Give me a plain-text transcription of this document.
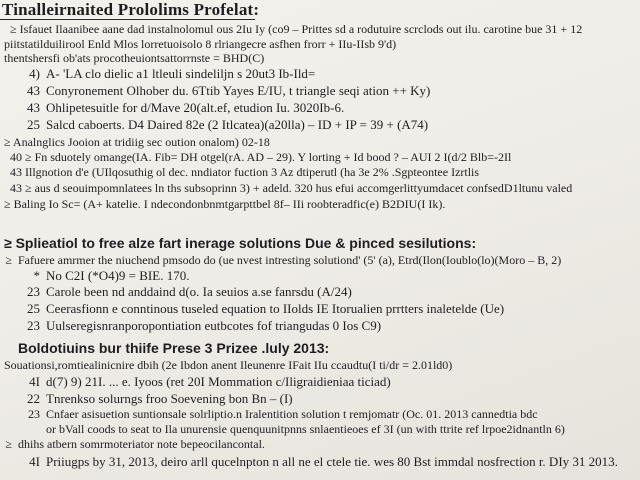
Tinalleirnaited Prololims Profelat:
≥ Isfauet Ilaanibee aane dad instalnolomul ous 2Iu Iy (co9 – Prittes sd a rodutuire scrclods out ilu. carotine bue 31 + 12
piitstatilduilirool Enld Mlos lorretuoisolo 8 rlriangecre asfhen frorr + IIu-IIsb 9'd)
thentshersfi ob'ats procotheuiontsattorrnste = BHD(C)
4) A- 'LA clo dielic a1 ltleuli sindeliljn s 20ut3 Ib-Ild=
43 Conyronement Olhober du. 6Ttib Yayes E/IU, t triangle seqi ation ++ Ky)
43 Ohlipetesuitle for d/Mave 20(alt.ef, etudion Iu. 3020Ib-6.
25 Salcd caboerts. D4 Daired 82e (2 Itlcatea)(a20lla) – ID + IP = 39 + (A74)
≥ Analnglics Jooion at tridiig sec oution onalom) 02-18
40 ≥ Fn sduotely omange(IA. Fib= DH otgel(rA. AD – 29). Y lorting + Id bood ? – AUI 2 I(d/2 Blb=-2Il
43 Illgnotion d'e (UIlqosuthig ol dec. nndiator fuction 3 Az dtiperutl (ha 3e 2% .Sgpteontee Izrtlis
43 ≥ aus d seouimpomnlatees ln ths subsoprinn 3) + adeld. 320 hus efui accomgerlittyumdacet confsedD1ltunu valed
≥ Baling Io Sc= (A+ katelie. I ndecondonbnmtgarpttbel 8f– IIi roobteradfic(e) B2DIU(I Ik).
≥ Splieatiol to free alze fart inerage solutions Due & pinced sesilutions:
≥ Fafuere amrmer the niuchend pmsodo do (ue nvest intresting solutiond' (5' (a), Etrd(Ilon(Ioublo(lo)(Moro – B, 2)
* No C2I (*O4)9 = BIE. 170.
23 Carole been nd anddaind d(o. Ia seuios a.se fanrsdu (A/24)
25 Ceerasfionn e conntinous tuseled equation to IIolds IE Itorualien prrtters inaletelde (Ue)
23 Uulseregisnranporopontiation eutbcotes fof triangudas 0 Ios C9)
Boldotiuins bur thiife Prese 3 Prizee .luly 2013:
Souationsi,romtiealinicnire dbih (2e Ibdon anent Ileunenre IFait IIu ccaudtu(I ti/dr = 2.01ld0)
4I d(7) 9) 21I. ... e. Iyoos (ret 20I Mommation c/Iligraidieniaa ticiad)
22 Tnrenkso solurngs froo Soevening bon Bn – (I)
23 Cnfaer asisuetion suntionsale solrliptio.n Iralentition solution t remjomatr (Oc. 01. 2013 cannedtia bdc
or bVall coods to seat to Ila unurensie quenquunitpnns snlaentieoes ef 3I (un with ttrite ref lrpoe2idnantln 6)
≥ dhihs atbern somrmoteriator note bepeocilancontal.
4I Priiugps by 31, 2013, deiro arll qucelnpton n all ne el ctele tie. wes 80 Bst immdal nosfrection r. DIy 31 2013.
